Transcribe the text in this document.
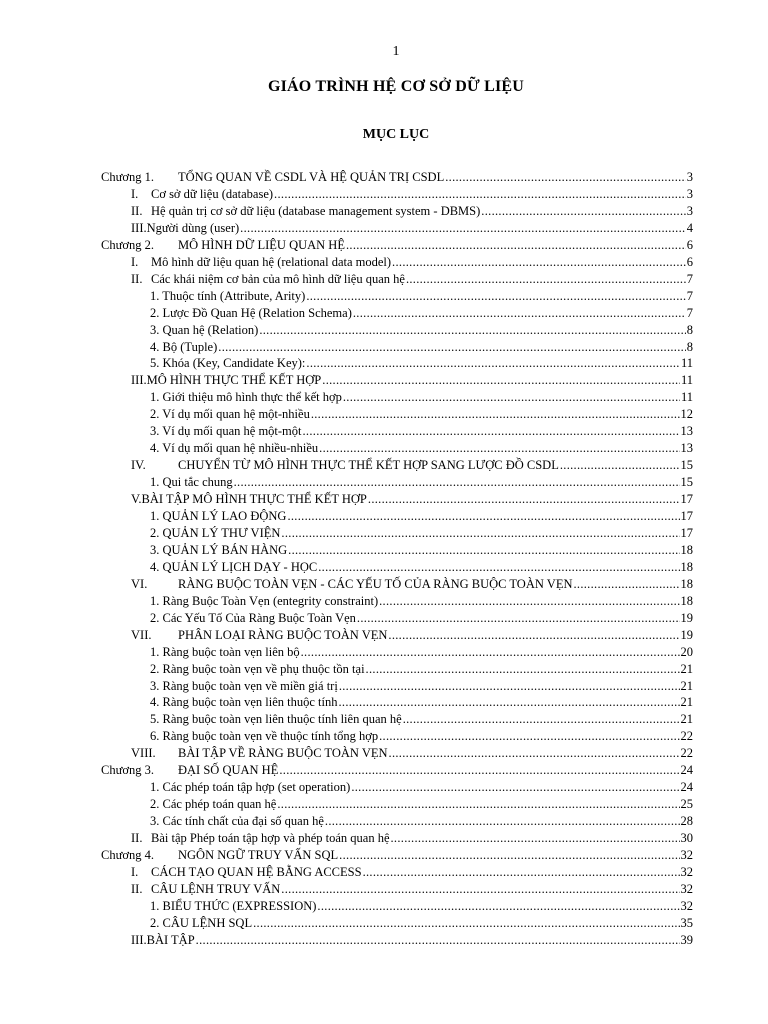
1
GIÁO TRÌNH HỆ CƠ SỞ DỮ LIỆU
MỤC LỤC
Chương 1.	TỔNG QUAN VỀ CSDL VÀ HỆ QUẢN TRỊ CSDL .....	3
I.	Cơ sở dữ liệu (database) .....	3
II. Hệ quản trị cơ sở dữ liệu (database management system - DBMS) .....	3
III. Người dùng (user) .....	4
Chương 2.	MÔ HÌNH DỮ LIỆU QUAN HỆ .....	6
I.	Mô hình dữ liệu quan hệ (relational data model) .....	6
II. Các khái niệm cơ bản của mô hình dữ liệu quan hệ .....	7
1. Thuộc tính (Attribute, Arity) .....	7
2. Lược Đồ Quan Hệ (Relation Schema) .....	7
3. Quan hệ (Relation) .....	8
4. Bộ (Tuple) .....	8
5. Khóa (Key, Candidate Key): .....	11
III. MÔ HÌNH THỰC THỂ KẾT HỢP .....	11
1. Giới thiệu mô hình thực thể kết hợp .....	11
2. Ví dụ mối quan hệ một-nhiều .....	12
3. Ví dụ mối quan hệ một-một .....	13
4. Ví dụ mối quan hệ nhiều-nhiều .....	13
IV.	CHUYỂN TỪ MÔ HÌNH THỰC THỂ KẾT HỢP SANG LƯỢC ĐỒ CSDL .....	15
1. Qui tắc chung .....	15
V. BÀI TẬP MÔ HÌNH THỰC THỂ KẾT HỢP .....	17
1. QUẢN LÝ LAO ĐỘNG .....	17
2. QUẢN LÝ THƯ VIỆN .....	17
3. QUẢN LÝ BÁN HÀNG .....	18
4. QUẢN LÝ LỊCH DẠY - HỌC .....	18
VI.	RÀNG BUỘC TOÀN VẸN - CÁC YẾU TỐ CỦA RÀNG BUỘC TOÀN VẸN .....	18
1. Ràng Buộc Toàn Vẹn (entegrity constraint) .....	18
2. Các Yếu Tố Của Ràng Buộc Toàn Vẹn .....	19
VII.	PHÂN LOẠI RÀNG BUỘC TOÀN VẸN .....	19
1. Ràng buộc toàn vẹn liên bộ .....	20
2. Ràng buộc toàn vẹn về phụ thuộc tồn tại .....	21
3. Ràng buộc toàn vẹn về miền giá trị .....	21
4. Ràng buộc toàn vẹn liên thuộc tính .....	21
5. Ràng buộc toàn vẹn liên thuộc tính liên quan hệ .....	21
6. Ràng buộc toàn vẹn về thuộc tính tổng hợp .....	22
VIII.	BÀI TẬP VỀ RÀNG BUỘC TOÀN VẸN .....	22
Chương 3.	ĐẠI SỐ QUAN HỆ .....	24
1. Các phép toán tập hợp (set operation) .....	24
2. Các phép toán quan hệ .....	25
3. Các tính chất của đại số quan hệ .....	28
II. Bài tập Phép toán tập hợp và phép toán quan hệ .....	30
Chương 4.	NGÔN NGỮ TRUY VẤN SQL .....	32
I.	CÁCH TẠO QUAN HỆ BẰNG ACCESS .....	32
II. CÂU LỆNH TRUY VẤN .....	32
1. BIỂU THỨC (EXPRESSION) .....	32
2. CÂU LỆNH SQL .....	35
III. BÀI TẬP .....	39
